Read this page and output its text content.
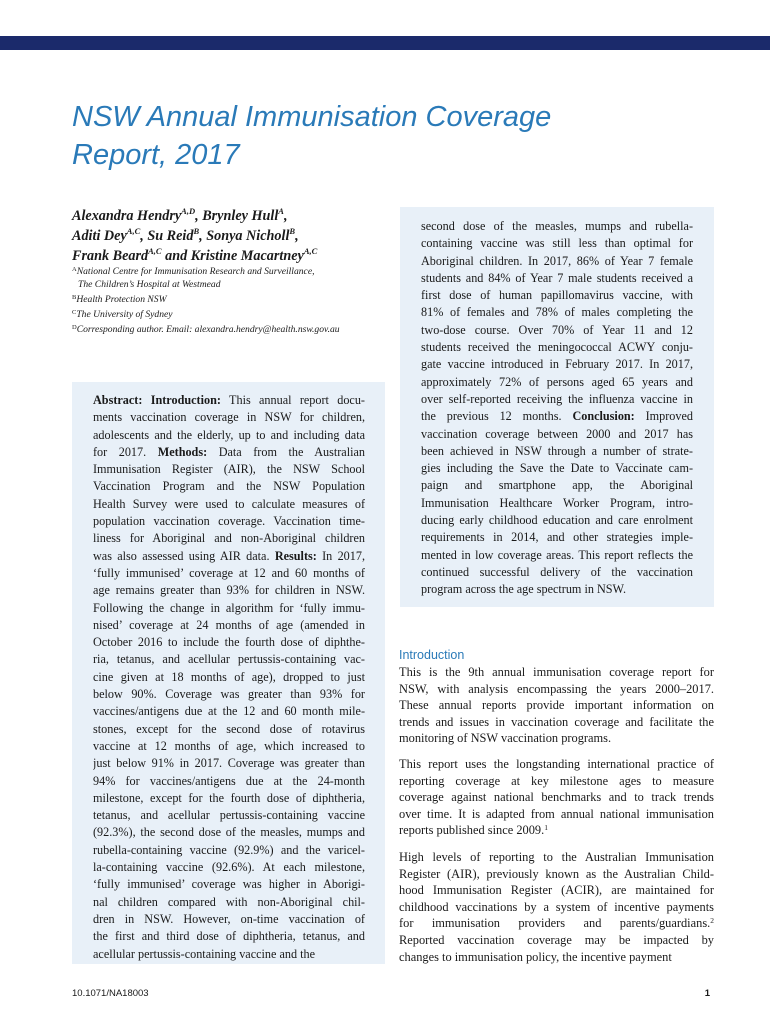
NSW Annual Immunisation Coverage
Report, 2017
Alexandra Hendry$^{A,D}$, Brynley Hull$^A$,
Aditi Dey$^{A,C}$, Su Reid$^B$, Sonya Nicholl$^B$,
Frank Beard$^{A,C}$ and Kristine Macartney$^{A,C}$
$^A$National Centre for Immunisation Research and Surveillance,
The Children’s Hospital at Westmead
$^B$Health Protection NSW
$^C$The University of Sydney
$^D$Corresponding author. Email: alexandra.hendry@health.nsw.gov.au
Abstract: Introduction: This annual report docu-
ments vaccination coverage in NSW for children,
adolescents and the elderly, up to and including data
for 2017. Methods: Data from the Australian
Immunisation Register (AIR), the NSW School
Vaccination Program and the NSW Population
Health Survey were used to calculate measures of
population vaccination coverage. Vaccination time-
liness for Aboriginal and non-Aboriginal children
was also assessed using AIR data. Results: In 2017,
‘fully immunised’ coverage at 12 and 60 months of
age remains greater than 93% for children in NSW.
Following the change in algorithm for ‘fully immu-
nised’ coverage at 24 months of age (amended in
October 2016 to include the fourth dose of diphthe-
ria, tetanus, and acellular pertussis-containing vac-
cine given at 18 months of age), dropped to just
below 90%. Coverage was greater than 93% for
vaccines/antigens due at the 12 and 60 month mile-
stones, except for the second dose of rotavirus
vaccine at 12 months of age, which increased to
just below 91% in 2017. Coverage was greater than
94% for vaccines/antigens due at the 24-month
milestone, except for the fourth dose of diphtheria,
tetanus, and acellular pertussis-containing vaccine
(92.3%), the second dose of the measles, mumps and
rubella-containing vaccine (92.9%) and the varicel-
la-containing vaccine (92.6%). At each milestone,
‘fully immunised’ coverage was higher in Aborigi-
nal children compared with non-Aboriginal chil-
dren in NSW. However, on-time vaccination of
the first and third dose of diphtheria, tetanus, and
acellular pertussis-containing vaccine and the
second dose of the measles, mumps and rubella-
containing vaccine was still less than optimal for
Aboriginal children. In 2017, 86% of Year 7 female
students and 84% of Year 7 male students received a
first dose of human papillomavirus vaccine, with
81% of females and 78% of males completing the
two-dose course. Over 70% of Year 11 and 12
students received the meningococcal ACWY conju-
gate vaccine introduced in February 2017. In 2017,
approximately 72% of persons aged 65 years and
over self-reported receiving the influenza vaccine in
the previous 12 months. Conclusion: Improved
vaccination coverage between 2000 and 2017 has
been achieved in NSW through a number of strate-
gies including the Save the Date to Vaccinate cam-
paign and smartphone app, the Aboriginal
Immunisation Healthcare Worker Program, intro-
ducing early childhood education and care enrolment
requirements in 2014, and other strategies imple-
mented in low coverage areas. This report reflects the
continued successful delivery of the vaccination
program across the age spectrum in NSW.
Introduction
This is the 9th annual immunisation coverage report for
NSW, with analysis encompassing the years 2000–2017.
These annual reports provide important information on
trends and issues in vaccination coverage and facilitate the
monitoring of NSW vaccination programs.
This report uses the longstanding international practice of
reporting coverage at key milestone ages to measure
coverage against national benchmarks and to track trends
over time. It is adapted from annual national immunisation
reports published since 2009.$^1$
High levels of reporting to the Australian Immunisation
Register (AIR), previously known as the Australian Child-
hood Immunisation Register (ACIR), are maintained for
childhood vaccinations by a system of incentive payments
for immunisation providers and parents/guardians.$^2$
Reported vaccination coverage may be impacted by
changes to immunisation policy, the incentive payment
10.1071/NA18003	1
